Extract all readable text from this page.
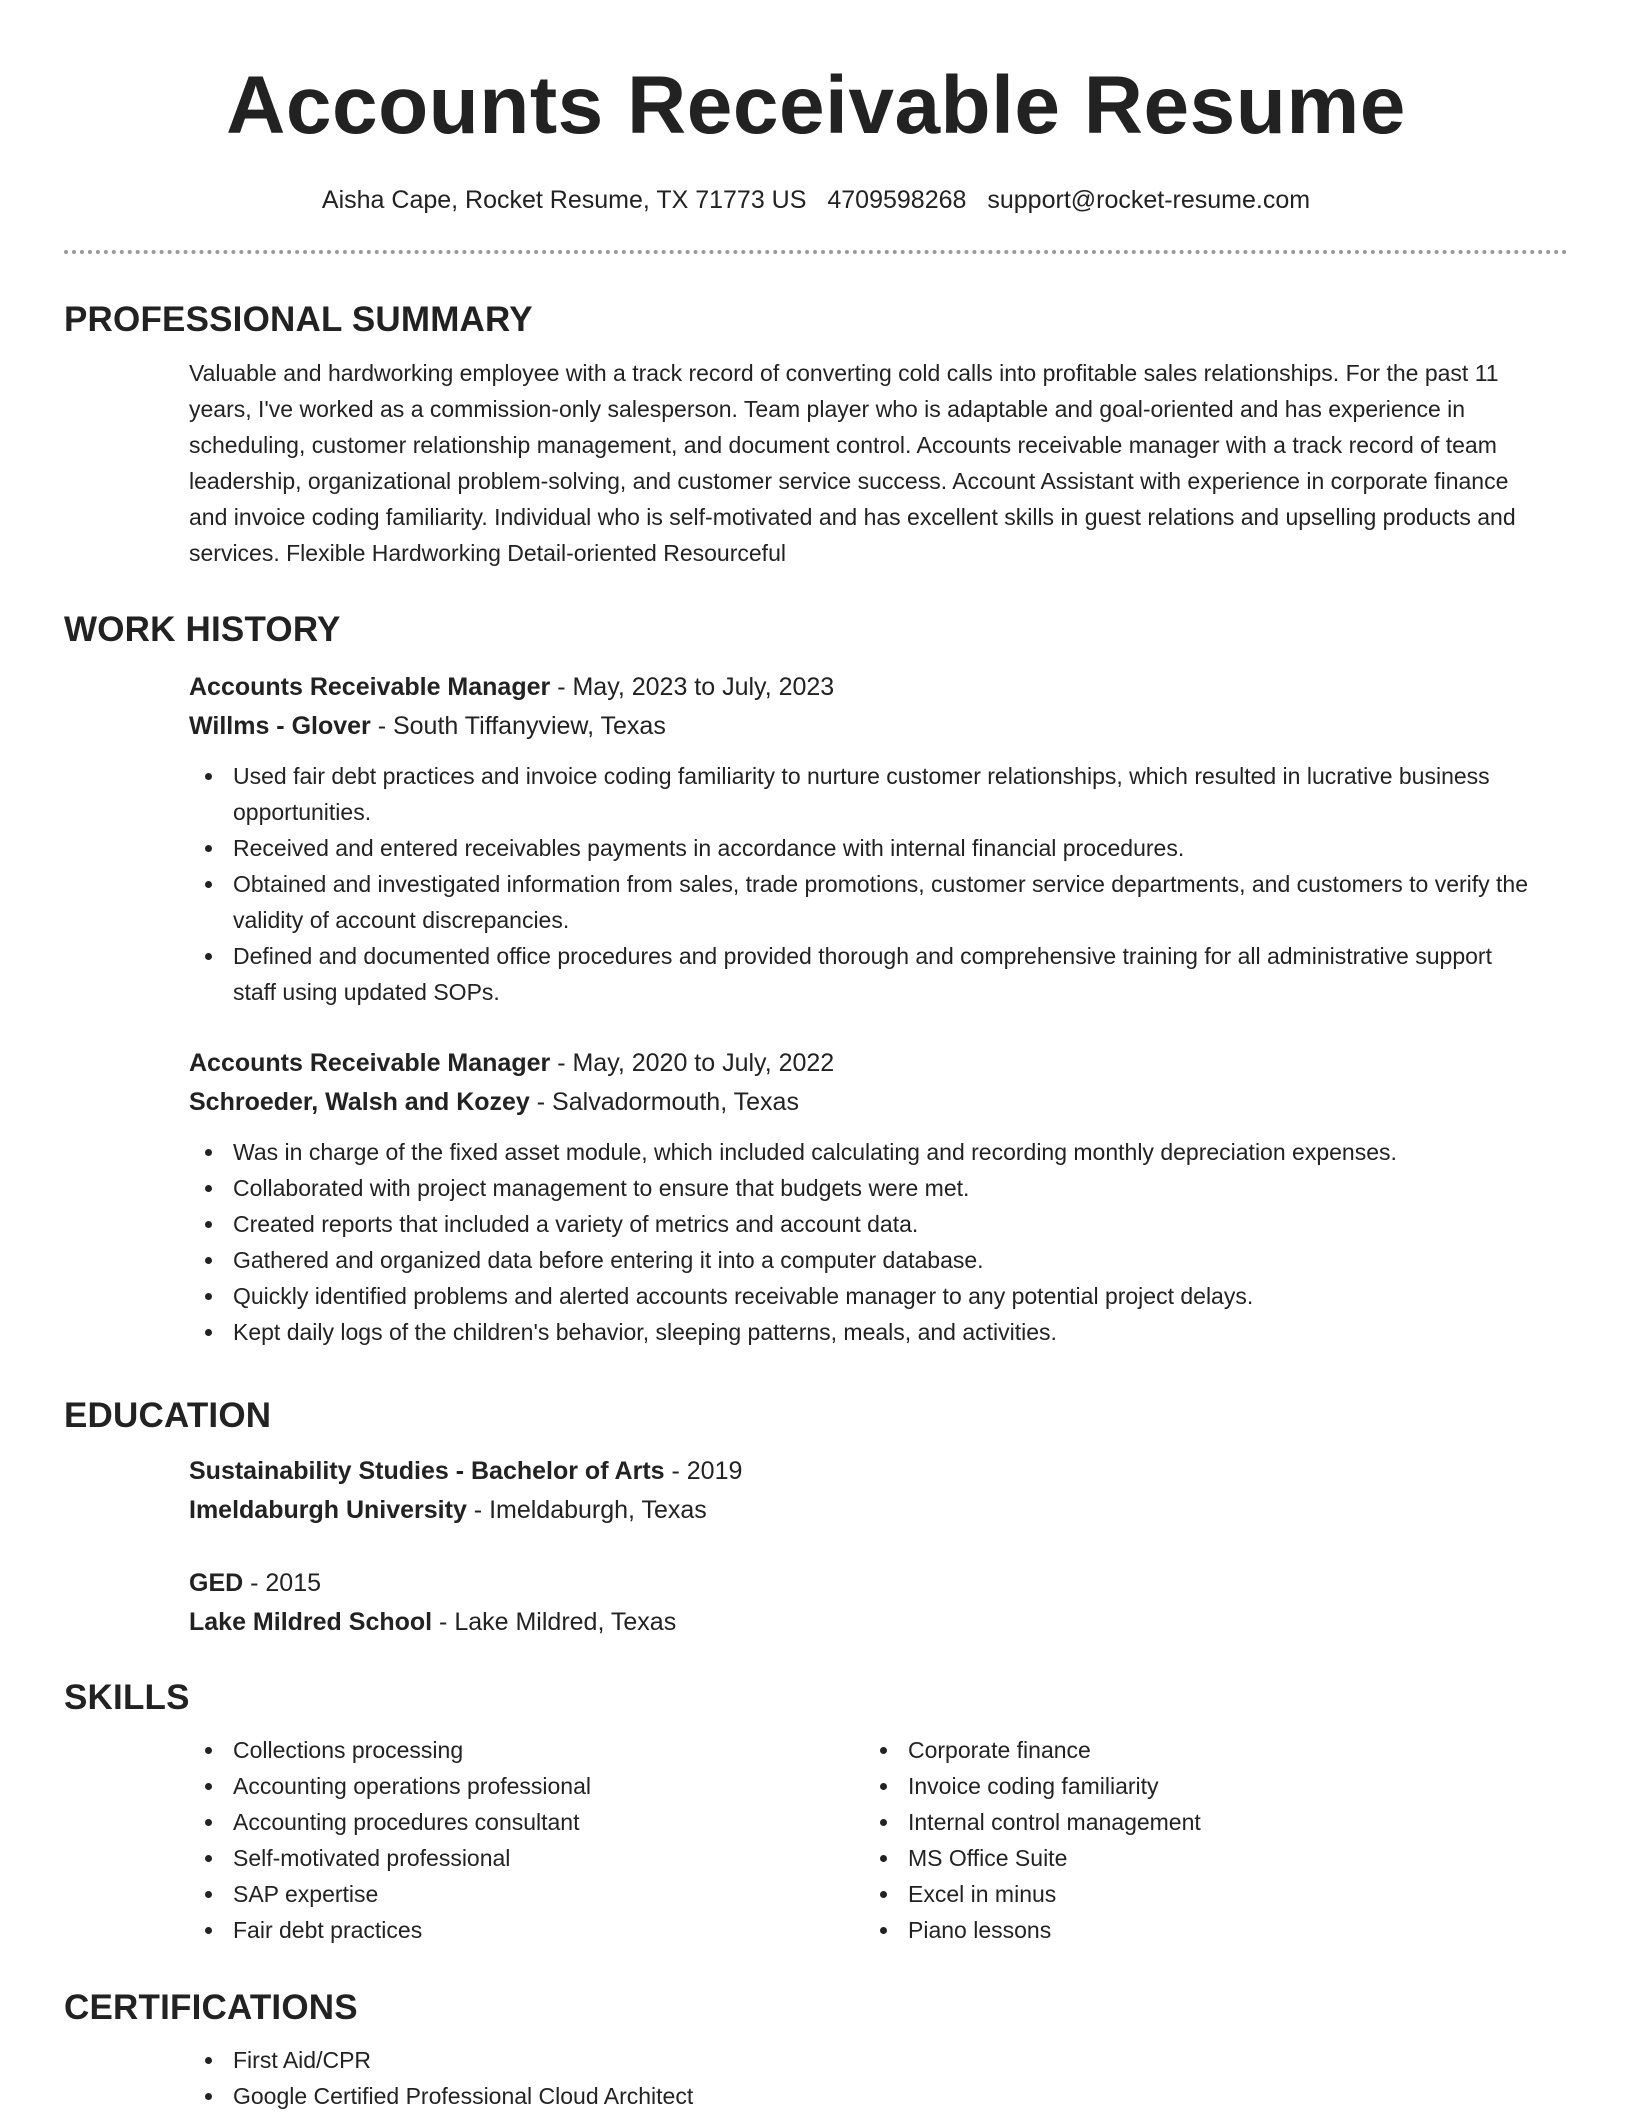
Accounts Receivable Resume
Aisha Cape, Rocket Resume, TX 71773 US 4709598268 support@rocket-resume.com
PROFESSIONAL SUMMARY

Valuable and hardworking employee with a track record of converting cold calls into profitable sales relationships. For the past 11 years, I've worked as a commission-only salesperson. Team player who is adaptable and goal-oriented and has experience in scheduling, customer relationship management, and document control. Accounts receivable manager with a track record of team leadership, organizational problem-solving, and customer service success. Account Assistant with experience in corporate finance and invoice coding familiarity. Individual who is self-motivated and has excellent skills in guest relations and upselling products and services. Flexible Hardworking Detail-oriented Resourceful

WORK HISTORY
Accounts Receivable Manager - May, 2023 to July, 2023
Willms - Glover - South Tiffanyview, Texas
Used fair debt practices and invoice coding familiarity to nurture customer relationships, which resulted in lucrative business opportunities.
Received and entered receivables payments in accordance with internal financial procedures.
Obtained and investigated information from sales, trade promotions, customer service departments, and customers to verify the validity of account discrepancies.
Defined and documented office procedures and provided thorough and comprehensive training for all administrative support staff using updated SOPs.
Accounts Receivable Manager - May, 2020 to July, 2022
Schroeder, Walsh and Kozey - Salvadormouth, Texas
Was in charge of the fixed asset module, which included calculating and recording monthly depreciation expenses.
Collaborated with project management to ensure that budgets were met.
Created reports that included a variety of metrics and account data.
Gathered and organized data before entering it into a computer database.
Quickly identified problems and alerted accounts receivable manager to any potential project delays.
Kept daily logs of the children's behavior, sleeping patterns, meals, and activities.
EDUCATION
Sustainability Studies - Bachelor of Arts - 2019
Imeldaburgh University - Imeldaburgh, Texas
GED - 2015
Lake Mildred School - Lake Mildred, Texas
SKILLS
Collections processing
Accounting operations professional
Accounting procedures consultant
Self-motivated professional
SAP expertise
Fair debt practices
Corporate finance
Invoice coding familiarity
Internal control management
MS Office Suite
Excel in minus
Piano lessons
CERTIFICATIONS
First Aid/CPR
Google Certified Professional Cloud Architect
